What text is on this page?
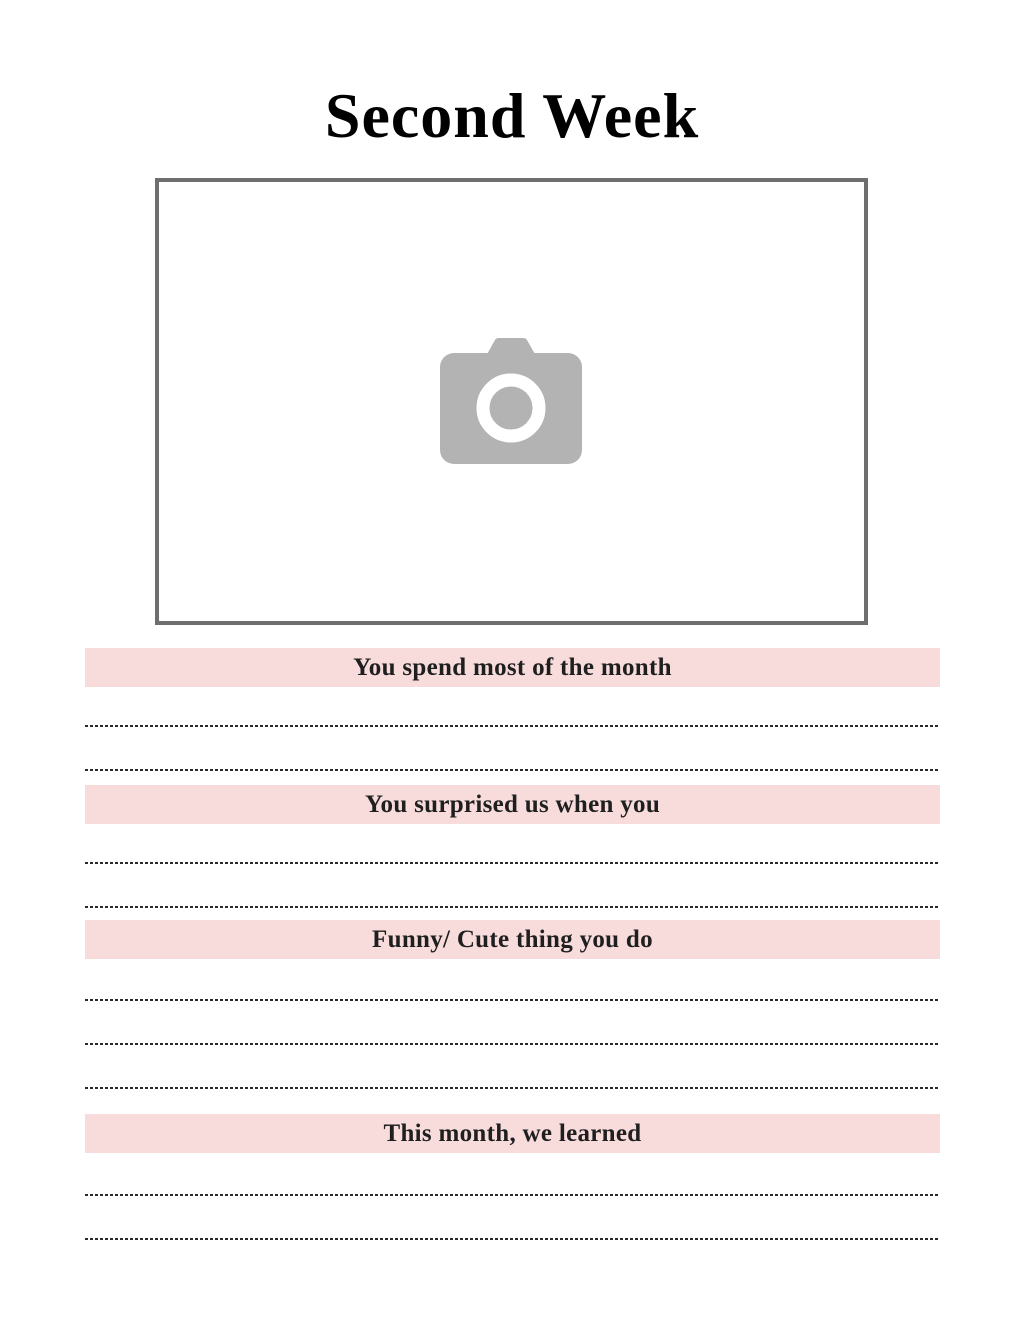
Second Week
You spend most of the month
You surprised us when you
Funny/ Cute thing you do
This month, we learned
